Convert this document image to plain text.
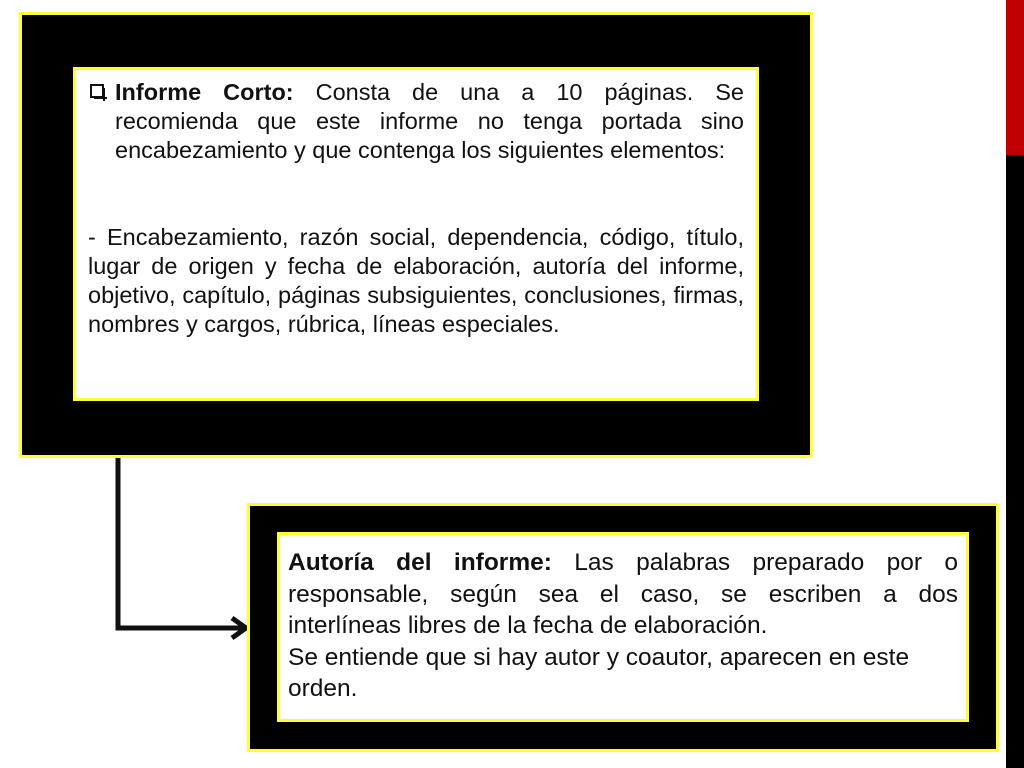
Informe Corto: Consta de una a 10 páginas. Se recomienda que este informe no tenga portada sino encabezamiento y que contenga los siguientes elementos:

- Encabezamiento, razón social, dependencia, código, título, lugar de origen y fecha de elaboración, autoría del informe, objetivo, capítulo, páginas subsiguientes, conclusiones, firmas, nombres y cargos, rúbrica, líneas especiales.

Autoría del informe: Las palabras preparado por o responsable, según sea el caso, se escriben a dos interlíneas libres de la fecha de elaboración.

Se entiende que si hay autor y coautor, aparecen en este orden.
